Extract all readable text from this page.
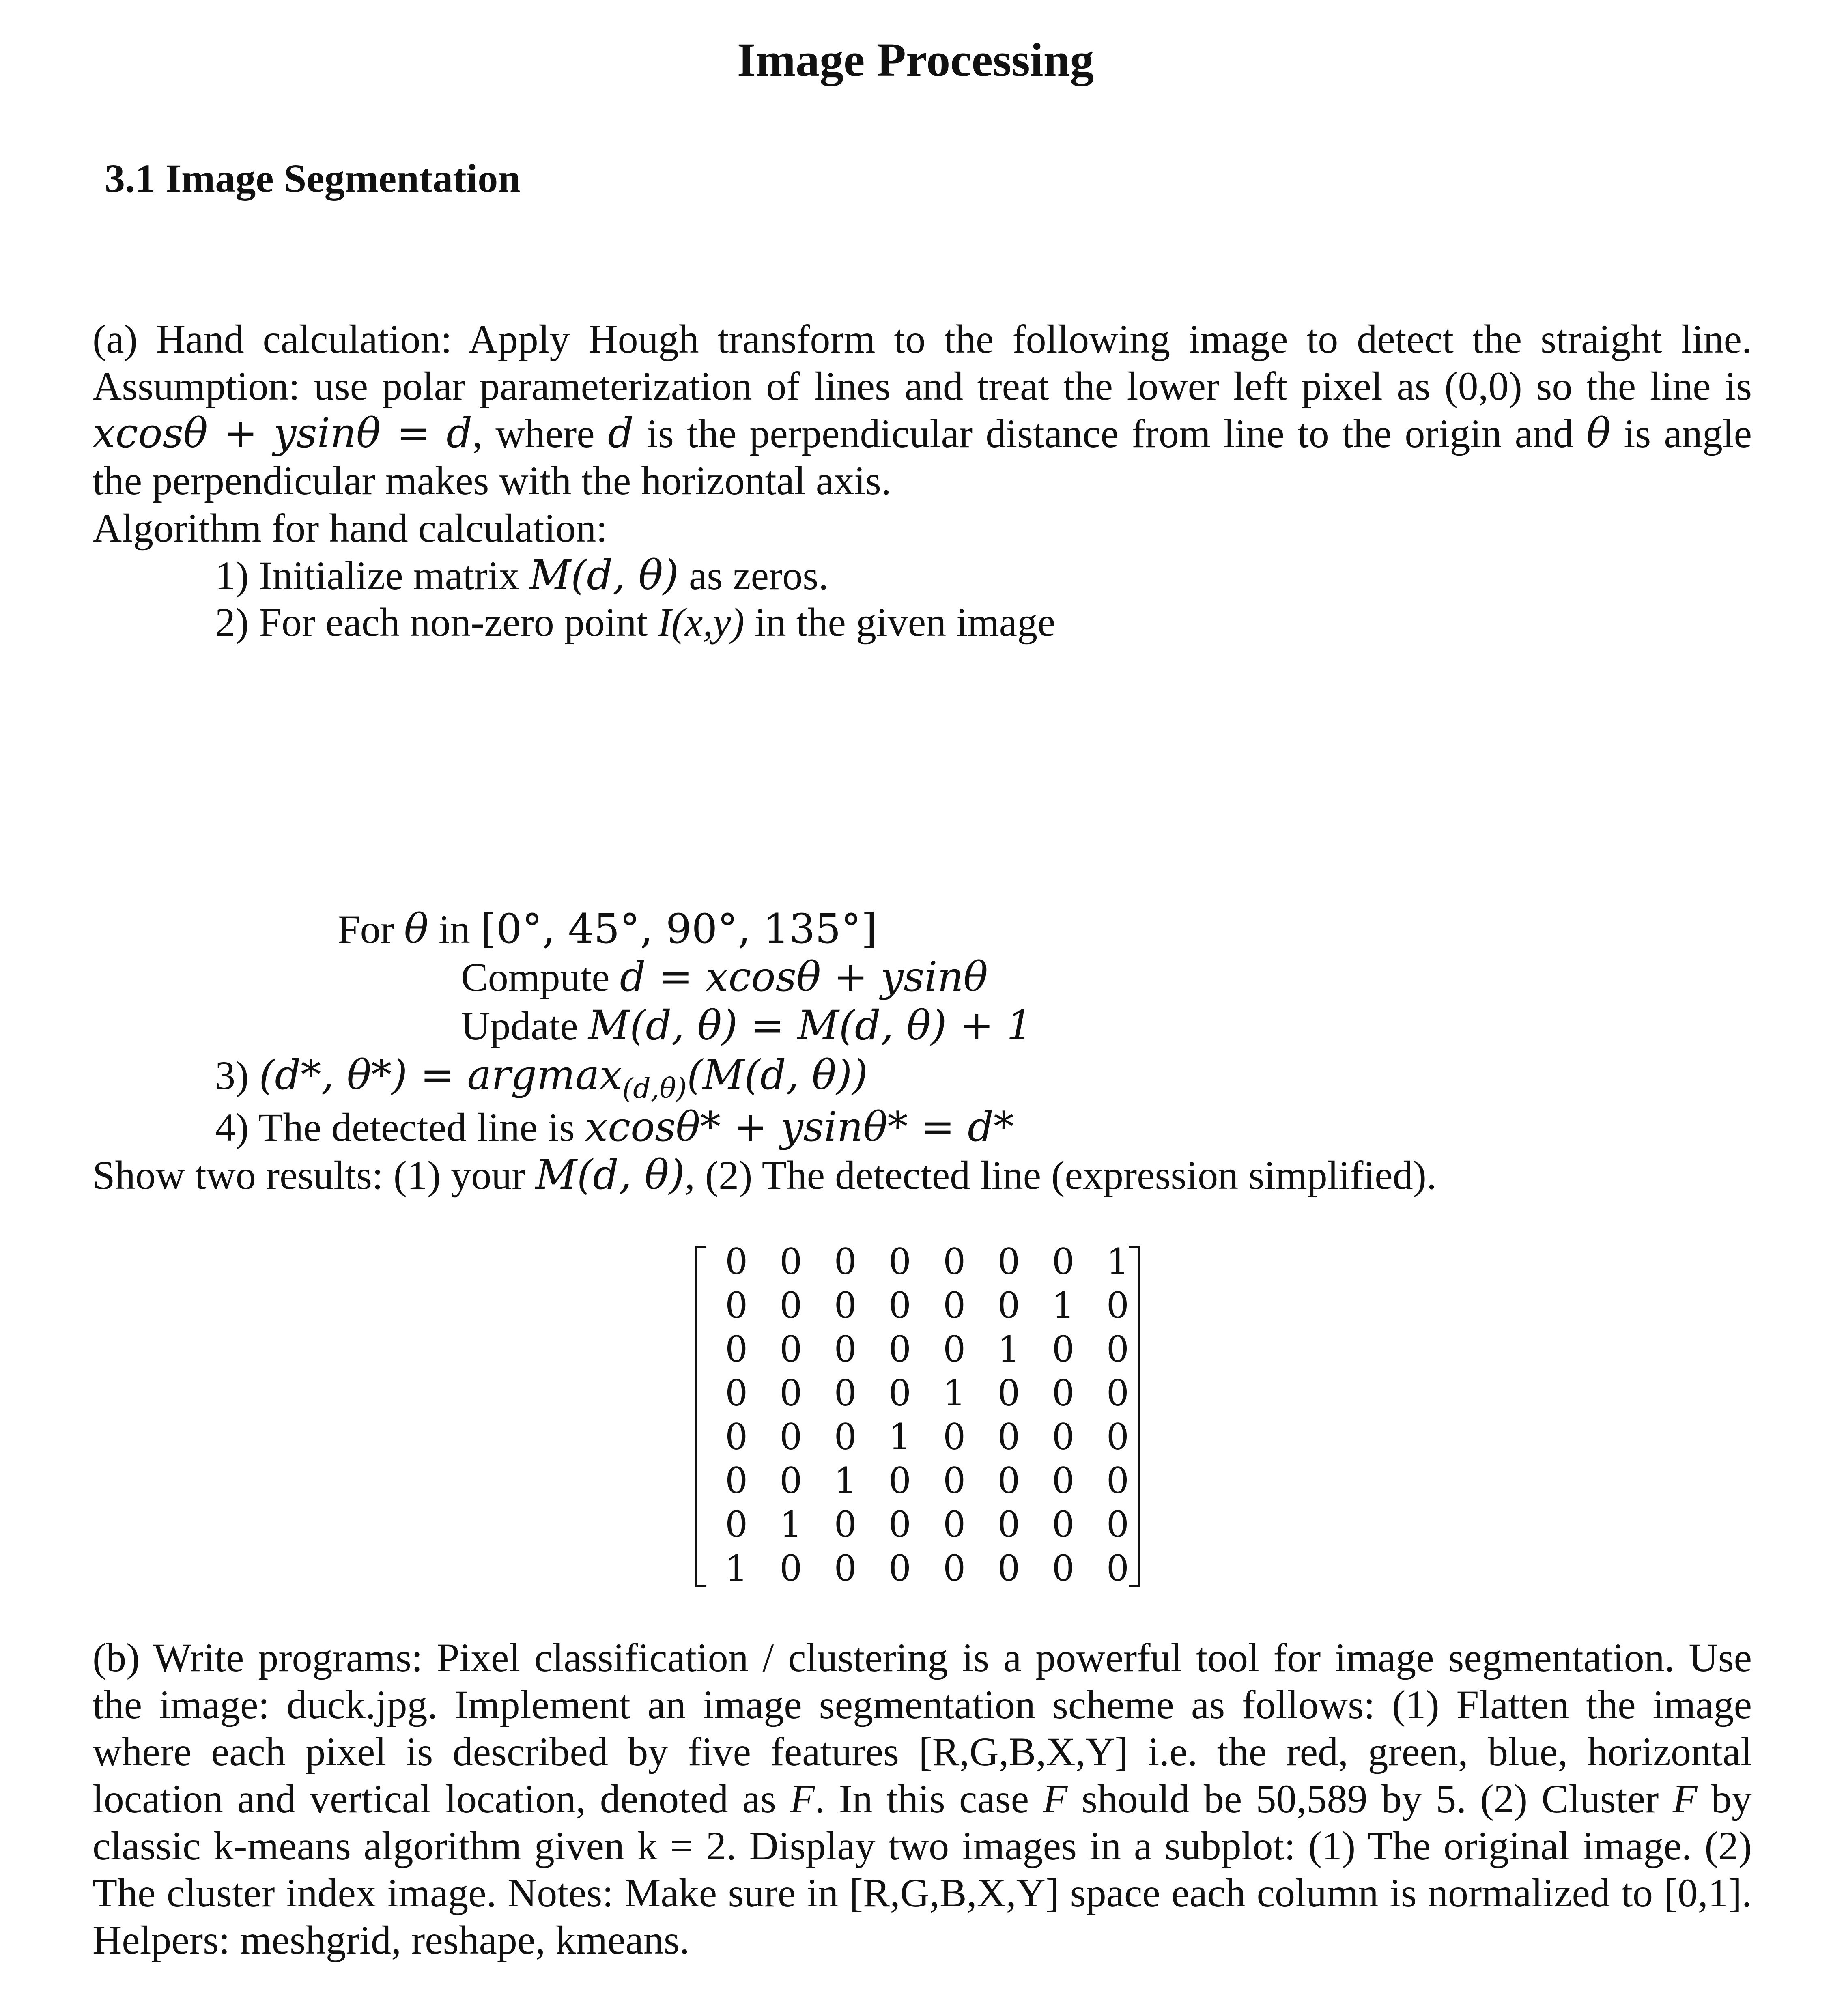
Image Processing
3.1 Image Segmentation
(a) Hand calculation: Apply Hough transform to the following image to detect the straight line. Assumption: use polar parameterization of lines and treat the lower left pixel as (0,0) so the line is xcosθ + ysinθ = d, where d is the perpendicular distance from line to the origin and θ is angle the perpendicular makes with the horizontal axis.
Algorithm for hand calculation:
1) Initialize matrix M(d, θ) as zeros.
2) For each non-zero point I(x,y) in the given image
For θ in [0°, 45°, 90°, 135°]
Compute d = xcosθ + ysinθ
Update M(d, θ) = M(d, θ) + 1
3) (d*, θ*) = argmax$_{(d,\theta)}$(M(d, θ))
4) The detected line is xcosθ* + ysinθ* = d*
Show two results: (1) your M(d, θ), (2) The detected line (expression simplified).
0	0	0	0	0	0	0	1
0	0	0	0	0	0	1	0
0	0	0	0	0	1	0	0
0	0	0	0	1	0	0	0
0	0	0	1	0	0	0	0
0	0	1	0	0	0	0	0
0	1	0	0	0	0	0	0
1	0	0	0	0	0	0	0
(b) Write programs: Pixel classification / clustering is a powerful tool for image segmentation. Use the image: duck.jpg. Implement an image segmentation scheme as follows: (1) Flatten the image where each pixel is described by five features [R,G,B,X,Y] i.e. the red, green, blue, horizontal location and vertical location, denoted as F. In this case F should be 50,589 by 5. (2) Cluster F by classic k-means algorithm given k = 2. Display two images in a subplot: (1) The original image. (2) The cluster index image. Notes: Make sure in [R,G,B,X,Y] space each column is normalized to [0,1]. Helpers: meshgrid, reshape, kmeans.
